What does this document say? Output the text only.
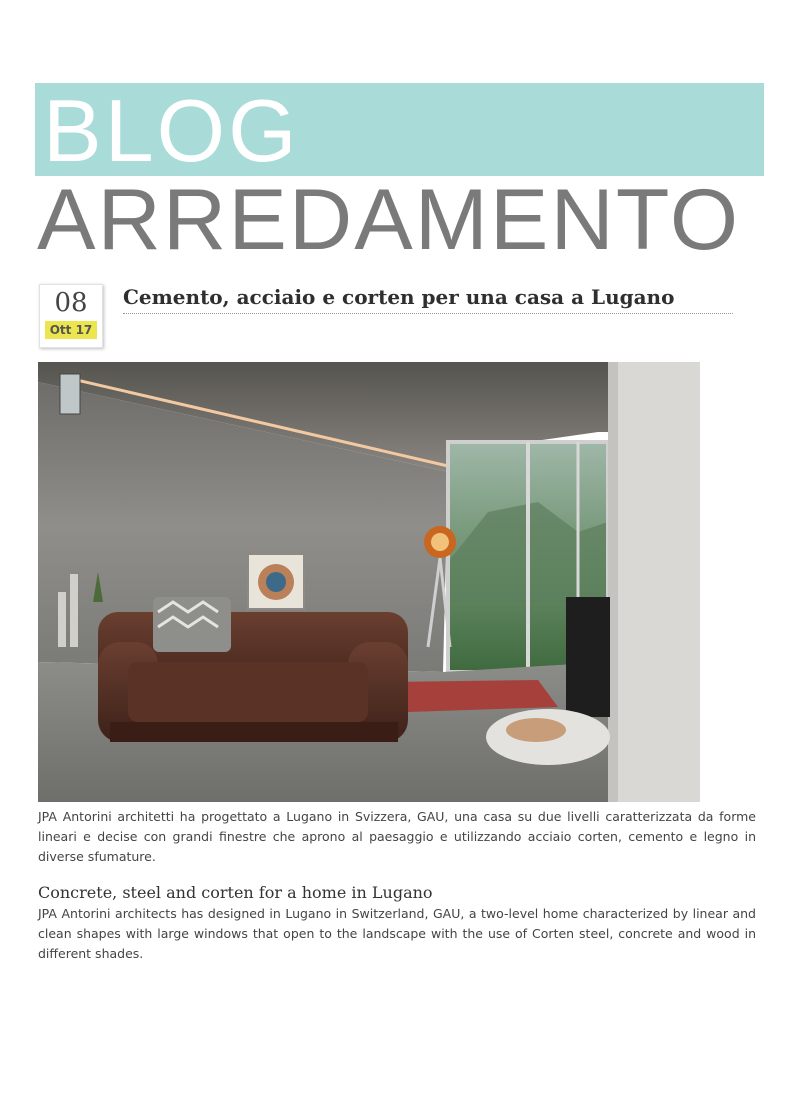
BLOG
ARREDAMENTO
08
Ott 17
Cemento, acciaio e corten per una casa a Lugano

JPA Antorini architetti ha progettato a Lugano in Svizzera, GAU, una casa su due livelli caratterizzata da forme lineari e decise con grandi finestre che aprono al paesaggio e utilizzando acciaio corten, cemento e legno in diverse sfumature.

Concrete, steel and corten for a home in Lugano

JPA Antorini architects has designed in Lugano in Switzerland, GAU, a two-level home characterized by linear and clean shapes with large windows that open to the landscape with the use of Corten steel, concrete and wood in different shades.
